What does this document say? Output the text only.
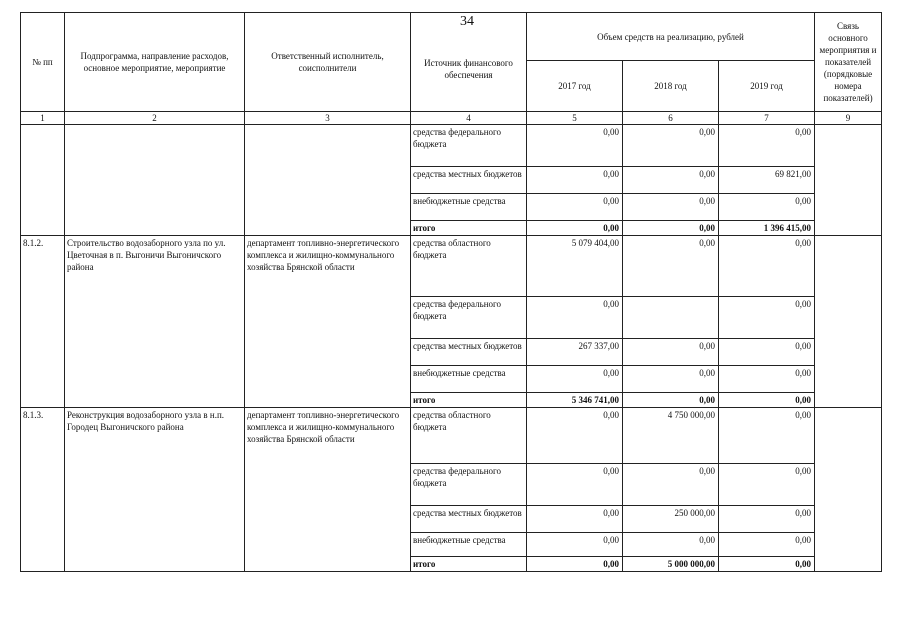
34
№ пп	Подпрограмма, направление расходов, основное мероприятие, мероприятие	Ответственный исполнитель, соисполнители	Источник финансового обеспечения	Объем средств на реализацию, рублей			Связь основного мероприятия и показателей (порядковые номера показателей)
				2017 год	2018 год	2019 год	
1	2	3	4	5	6	7	9
			средства федерального бюджета	0,00	0,00	0,00	
			средства местных бюджетов	0,00	0,00	69 821,00	
			внебюджетные средства	0,00	0,00	0,00	
			итого	0,00	0,00	1 396 415,00	
8.1.2.	Строительство водозаборного узла по ул. Цветочная в п. Выгоничи Выгоничского района	департамент топливно-энергетического комплекса и жилищно-коммунального хозяйства Брянской области	средства областного бюджета	5 079 404,00	0,00	0,00	
			средства федерального бюджета	0,00		0,00	
			средства местных бюджетов	267 337,00	0,00	0,00	
			внебюджетные средства	0,00	0,00	0,00	
			итого	5 346 741,00	0,00	0,00	
8.1.3.	Реконструкция водозаборного узла в н.п. Городец Выгоничского района	департамент топливно-энергетического комплекса и жилищно-коммунального хозяйства Брянской области	средства областного бюджета	0,00	4 750 000,00	0,00	
			средства федерального бюджета	0,00	0,00	0,00	
			средства местных бюджетов	0,00	250 000,00	0,00	
			внебюджетные средства	0,00	0,00	0,00	
			итого	0,00	5 000 000,00	0,00	
